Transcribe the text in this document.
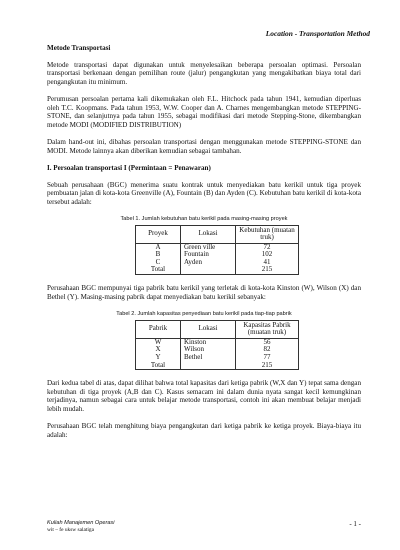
Location - Transportation Method
Metode Transportasi

Metode transportasi dapat digunakan untuk menyelesaikan beberapa persoalan optimasi. Persoalan transportasi berkenaan dengan pemilihan route (jalur) pengangkutan yang mengakibatkan biaya total dari pengangkutan itu minimum.

Perumusan persoalan pertama kali dikemukakan oleh F.L. Hitchock pada tahun 1941, kemudian diperluas oleh T.C. Koopmans. Pada tahun 1953, W.W. Cooper dan A. Charnes mengembangkan metode STEPPING-STONE, dan selanjutnya pada tahun 1955, sebagai modifikasi dari metode Stepping-Stone, dikembangkan metode MODI (MODIFIED DISTRIBUTION)

Dalam hand-out ini, dibahas persoalan transportasi dengan menggunakan metode STEPPING-STONE dan MODI. Metode lainnya akan diberikan kemudian sebagai tambahan.

I. Persoalan transportasi I (Permintaan = Penawaran)

Sebuah perusahaan (BGC) menerima suatu kontrak untuk menyediakan batu kerikil untuk tiga proyek pembuatan jalan di kota-kota Greenville (A), Fountain (B) dan Ayden (C). Kebutuhan batu kerikil di kota-kota tersebut adalah:

Tabel 1. Jumlah kebutuhan batu kerikil pada masing-masing proyek
Proyek	Lokasi	Kebutuhan (muatan truk)
A	Green ville	72
B	Fountain	102
C	Ayden	41
Total		215

Perusahaan BGC mempunyai tiga pabrik batu kerikil yang terletak di kota-kota Kinston (W), Wilson (X) dan Bethel (Y). Masing-masing pabrik dapat menyediakan batu kerikil sebanyak:

Tabel 2. Jumlah kapasitas penyediaan batu kerikil pada tiap-tiap pabrik
Pabrik	Lokasi	Kapasitas Pabrik (muatan truk)
W	Kinston	56
X	Wilson	82
Y	Bethel	77
Total		215

Dari kedua tabel di atas, dapat dilihat bahwa total kapasitas dari ketiga pabrik (W,X dan Y) tepat sama dengan kebutuhan di tiga proyek (A,B dan C). Kasus semacam ini dalam dunia nyata sangat kecil kemungkinan terjadinya, namun sebagai cara untuk belajar metode transportasi, contoh ini akan membuat belajar menjadi lebih mudah.

Perusahaan BGC telah menghitung biaya pengangkutan dari ketiga pabrik ke ketiga proyek. Biaya-biaya itu adalah:

Kuliah Manajemen Operasi
wit – fe uksw salatiga
- 1 -
